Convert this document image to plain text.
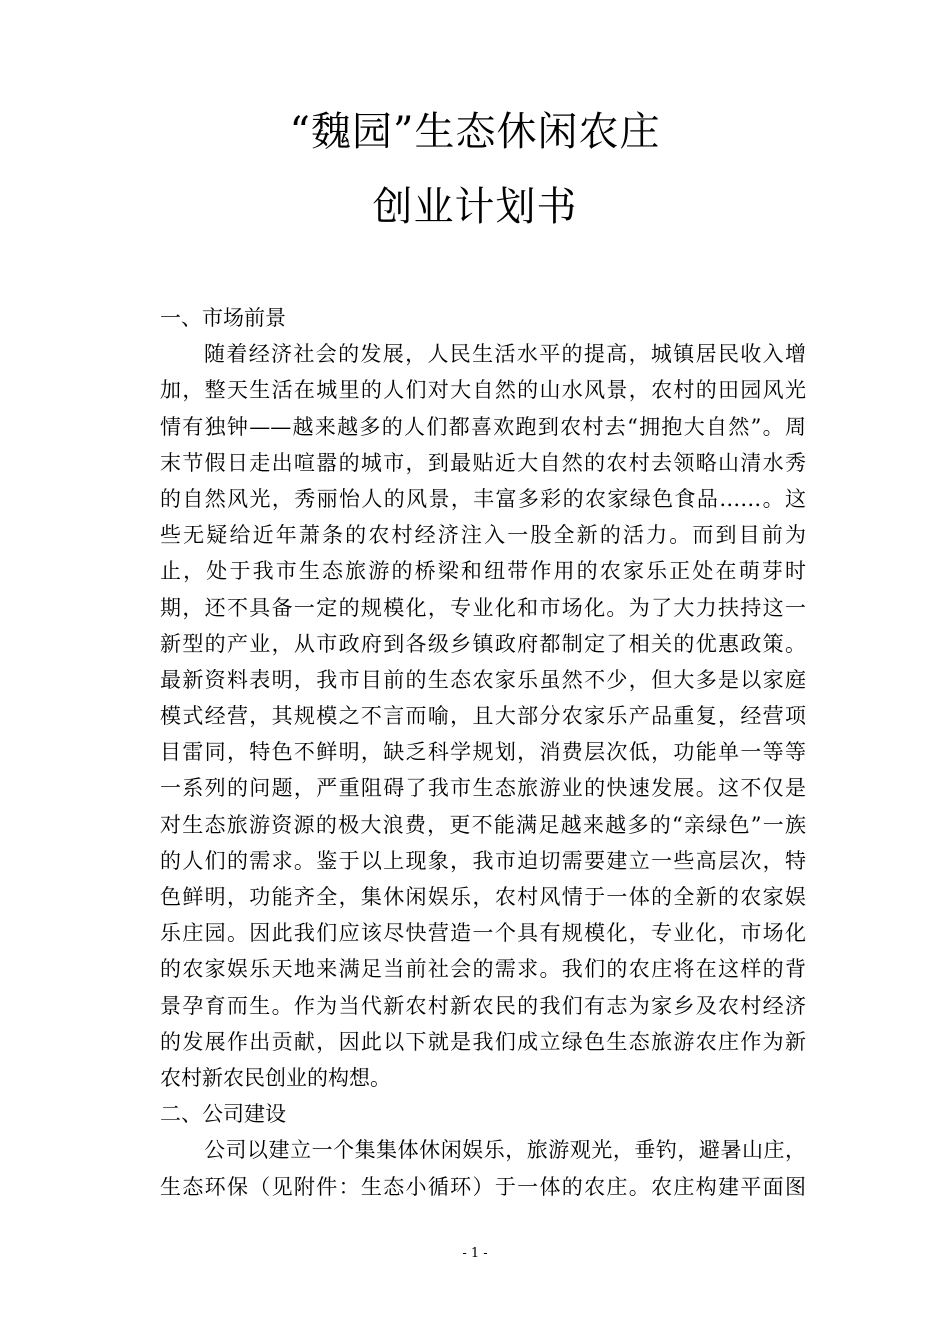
“魏园”生态休闲农庄
创业计划书
一、市场前景
随着经济社会的发展，人民生活水平的提高，城镇居民收入增
加，整天生活在城里的人们对大自然的山水风景，农村的田园风光
情有独钟——越来越多的人们都喜欢跑到农村去“拥抱大自然”。周
末节假日走出喧嚣的城市，到最贴近大自然的农村去领略山清水秀
的自然风光，秀丽怡人的风景，丰富多彩的农家绿色食品……。这
些无疑给近年萧条的农村经济注入一股全新的活力。而到目前为
止，处于我市生态旅游的桥梁和纽带作用的农家乐正处在萌芽时
期，还不具备一定的规模化，专业化和市场化。为了大力扶持这一
新型的产业，从市政府到各级乡镇政府都制定了相关的优惠政策。
最新资料表明，我市目前的生态农家乐虽然不少，但大多是以家庭
模式经营，其规模之不言而喻，且大部分农家乐产品重复，经营项
目雷同，特色不鲜明，缺乏科学规划，消费层次低，功能单一等等
一系列的问题，严重阻碍了我市生态旅游业的快速发展。这不仅是
对生态旅游资源的极大浪费，更不能满足越来越多的“亲绿色”一族
的人们的需求。鉴于以上现象，我市迫切需要建立一些高层次，特
色鲜明，功能齐全，集休闲娱乐，农村风情于一体的全新的农家娱
乐庄园。因此我们应该尽快营造一个具有规模化，专业化，市场化
的农家娱乐天地来满足当前社会的需求。我们的农庄将在这样的背
景孕育而生。作为当代新农村新农民的我们有志为家乡及农村经济
的发展作出贡献，因此以下就是我们成立绿色生态旅游农庄作为新
农村新农民创业的构想。
二、公司建设
公司以建立一个集集体休闲娱乐，旅游观光，垂钓，避暑山庄，
生态环保（见附件：生态小循环）于一体的农庄。农庄构建平面图
- 1 -
